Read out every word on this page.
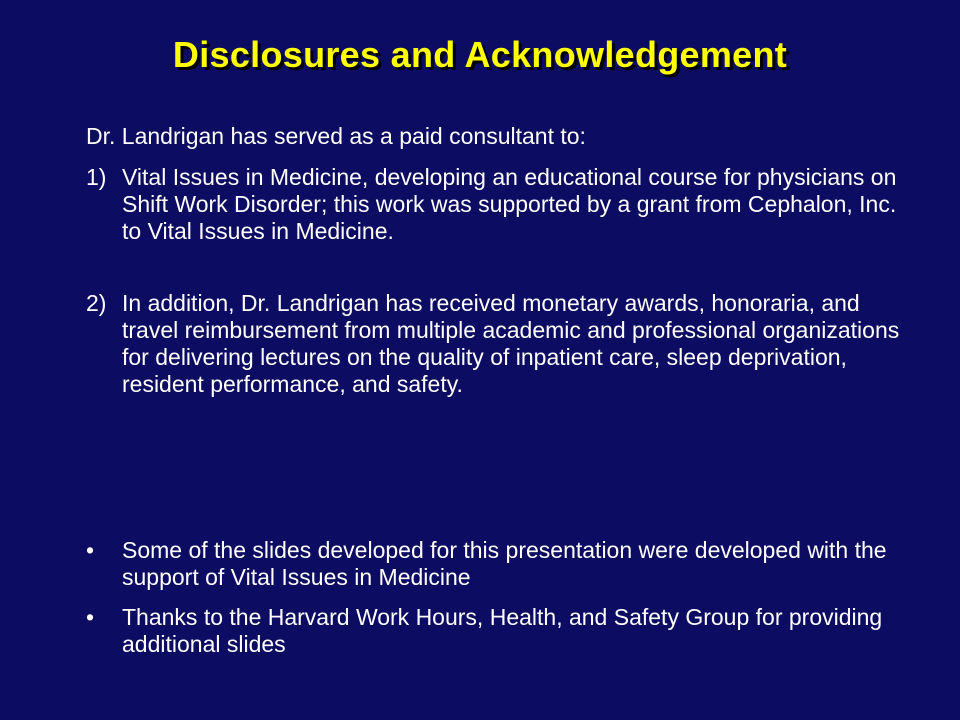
Disclosures and Acknowledgement
Dr. Landrigan has served as a paid consultant to:
1) Vital Issues in Medicine, developing an educational course for physicians on Shift Work Disorder; this work was supported by a grant from Cephalon, Inc. to Vital Issues in Medicine.
2) In addition, Dr. Landrigan has received monetary awards, honoraria, and travel reimbursement from multiple academic and professional organizations for delivering lectures on the quality of inpatient care, sleep deprivation, resident performance, and safety.
• Some of the slides developed for this presentation were developed with the support of Vital Issues in Medicine
• Thanks to the Harvard Work Hours, Health, and Safety Group for providing additional slides
